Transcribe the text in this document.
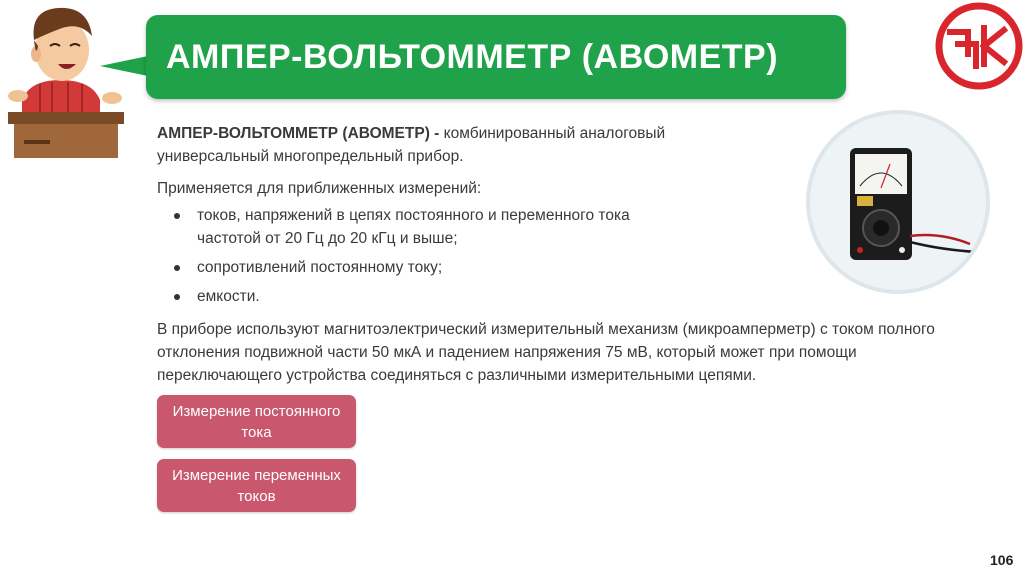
АМПЕР-ВОЛЬТОММЕТР (АВОМЕТР)

АМПЕР-ВОЛЬТОММЕТР (АВОМЕТР) - комбинированный аналоговый универсальный многопредельный прибор.

Применяется для приближенных измерений:

токов, напряжений в цепях постоянного и переменного тока частотой от 20 Гц до 20 кГц и выше;
сопротивлений постоянному току;
емкости.

В приборе используют магнитоэлектрический измерительный механизм (микроамперметр) с током полного отклонения подвижной части 50 мкА и падением напряжения 75 мВ, который может при помощи переключающего устройства соединяться с различными измерительными цепями.

Измерение постоянного тока
Измерение переменных токов
106
